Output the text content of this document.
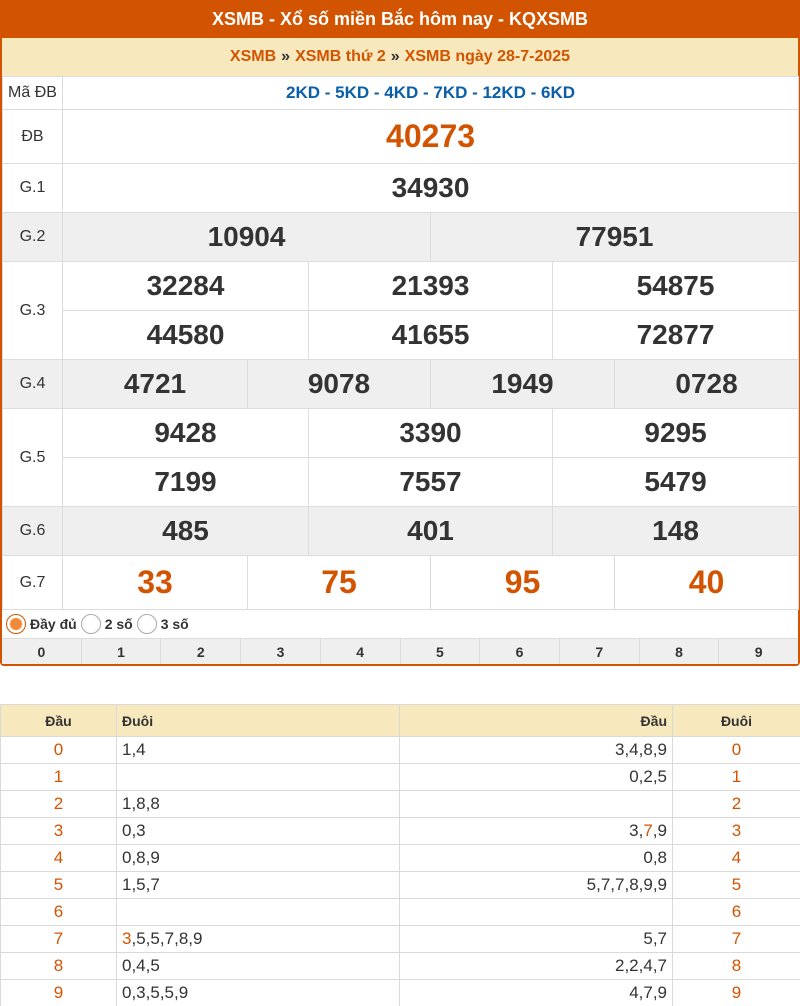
XSMB - Xổ số miền Bắc hôm nay - KQXSMB
XSMB » XSMB thứ 2 » XSMB ngày 28-7-2025
Mã ĐB	2KD - 5KD - 4KD - 7KD - 12KD - 6KD					
ĐB	40273					
G.1	34930					
G.2	10904			77951		
G.3	32284		21393		54875	
	44580		41655		72877	
G.4	4721	9078		1949		0728
G.5	9428		3390		9295	
	7199		7557		5479	
G.6	485		401		148	
G.7	33	75		95		40
Đầy đủ 2 số 3 số
0	1	2	3	4	5	6	7	8	9
Đầu	Đuôi	Đầu	Đuôi
0	1,4	3,4,8,9	0
1		0,2,5	1
2	1,8,8		2
3	0,3	3,7,9	3
4	0,8,9	0,8	4
5	1,5,7	5,7,7,8,9,9	5
6			6
7	3,5,5,7,8,9	5,7	7
8	0,4,5	2,2,4,7	8
9	0,3,5,5,9	4,7,9	9
